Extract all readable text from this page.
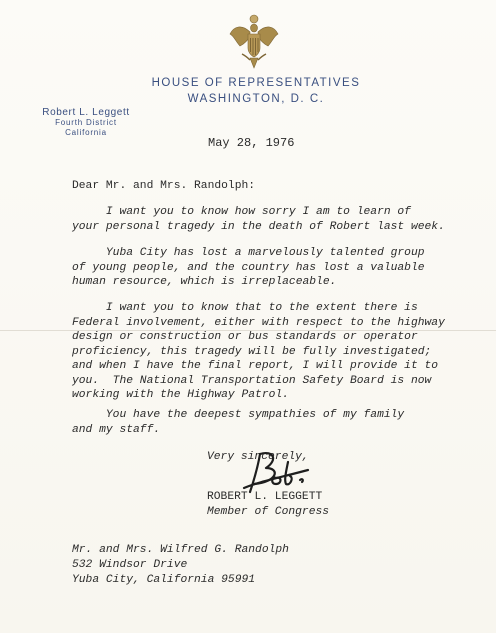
HOUSE OF REPRESENTATIVES
WASHINGTON, D. C.
Robert L. Leggett
Fourth District
California
May 28, 1976
Dear Mr. and Mrs. Randolph:
I want you to know how sorry I am to learn of
your personal tragedy in the death of Robert last week.
Yuba City has lost a marvelously talented group
of young people, and the country has lost a valuable
human resource, which is irreplaceable.
I want you to know that to the extent there is
Federal involvement, either with respect to the highway
design or construction or bus standards or operator
proficiency, this tragedy will be fully investigated;
and when I have the final report, I will provide it to
you.  The National Transportation Safety Board is now
working with the Highway Patrol.
You have the deepest sympathies of my family
and my staff.
Very sincerely,
ROBERT L. LEGGETT
Member of Congress
Mr. and Mrs. Wilfred G. Randolph
532 Windsor Drive
Yuba City, California 95991
